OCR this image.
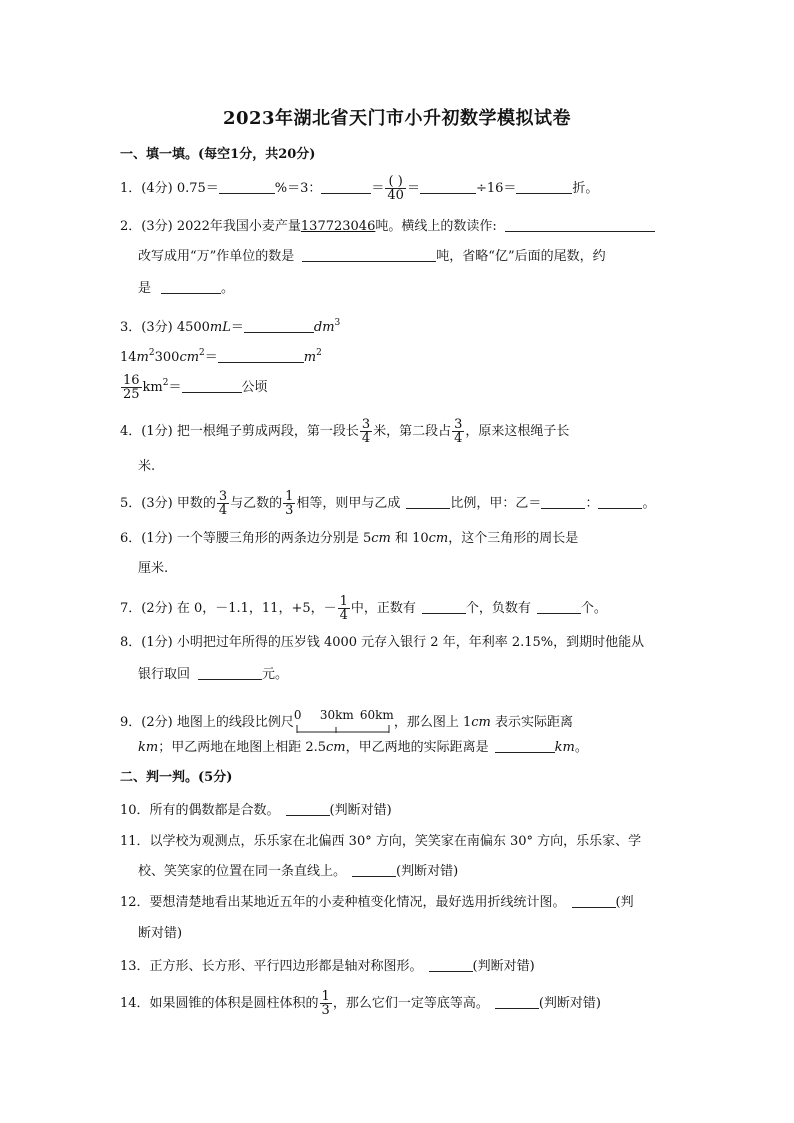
2023年湖北省天门市小升初数学模拟试卷
一、填一填。(每空1分，共20分)
1．(4分) 0.75＝	%＝3：	＝ $\frac{( )}{40}$ ＝	÷16＝	折。
2．(3分) 2022年我国小麦产量137723046吨。横线上的数读作:
改写成用“万”作单位的数是	吨，省略“亿”后面的尾数，约
是	。
3．(3分) 4500mL＝	$dm^3$
$14m^2300cm^2=$	$m^2$
$\frac{16}{25} km^2=$	公顷
4．(1分) 把一根绳子剪成两段，第一段长 $\frac{3}{4}$ 米，第二段占 $\frac{3}{4}$ ，原来这根绳子长
米.
5．(3分) 甲数的 $\frac{3}{4}$ 与乙数的 $\frac{1}{3}$ 相等，则甲与乙成	比例，甲：乙＝	：	。
6．(1分) 一个等腰三角形的两条边分别是 5cm 和 10cm，这个三角形的周长是
厘米.
7．(2分) 在 0，－1.1，11，+5，－ $\frac{1}{4}$ 中，正数有	个，负数有	个。
8．(1分) 小明把过年所得的压岁钱 4000 元存入银行 2 年，年利率 2.15%，到期时他能从
银行取回	元。
9．(2分) 地图上的线段比例尺 0 30km 60km ，那么图上 1cm 表示实际距离
km；甲乙两地在地图上相距 2.5cm，甲乙两地的实际距离是	km。
二、判一判。(5分)
10．所有的偶数都是合数。	(判断对错)
11．以学校为观测点，乐乐家在北偏西 30° 方向，笑笑家在南偏东 30° 方向，乐乐家、学
校、笑笑家的位置在同一条直线上。	(判断对错)
12．要想清楚地看出某地近五年的小麦种植变化情况，最好选用折线统计图。	(判
断对错)
13．正方形、长方形、平行四边形都是轴对称图形。	(判断对错)
14．如果圆锥的体积是圆柱体积的 $\frac{1}{3}$ ，那么它们一定等底等高。	(判断对错)
